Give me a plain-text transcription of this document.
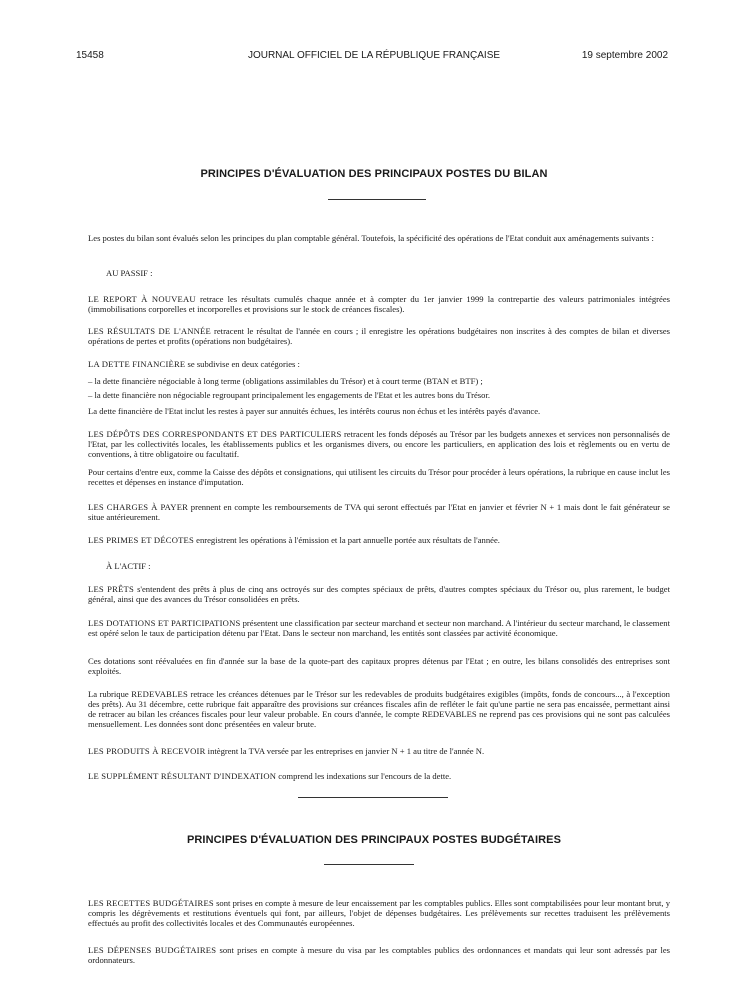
15458	JOURNAL OFFICIEL DE LA RÉPUBLIQUE FRANÇAISE	19 septembre 2002
PRINCIPES D'ÉVALUATION DES PRINCIPAUX POSTES DU BILAN

Les postes du bilan sont évalués selon les principes du plan comptable général. Toutefois, la spécificité des opérations de l'Etat conduit aux aménagements suivants :

AU PASSIF :

LE REPORT À NOUVEAU retrace les résultats cumulés chaque année et à compter du 1er janvier 1999 la contrepartie des valeurs patrimoniales intégrées (immobilisations corporelles et incorporelles et provisions sur le stock de créances fiscales).

LES RÉSULTATS DE L'ANNÉE retracent le résultat de l'année en cours ; il enregistre les opérations budgétaires non inscrites à des comptes de bilan et diverses opérations de pertes et profits (opérations non budgétaires).

LA DETTE FINANCIÈRE se subdivise en deux catégories :

– la dette financière négociable à long terme (obligations assimilables du Trésor) et à court terme (BTAN et BTF) ;

– la dette financière non négociable regroupant principalement les engagements de l'Etat et les autres bons du Trésor.

La dette financière de l'Etat inclut les restes à payer sur annuités échues, les intérêts courus non échus et les intérêts payés d'avance.

LES DÉPÔTS DES CORRESPONDANTS ET DES PARTICULIERS retracent les fonds déposés au Trésor par les budgets annexes et services non personnalisés de l'Etat, par les collectivités locales, les établissements publics et les organismes divers, ou encore les particuliers, en application des lois et règlements ou en vertu de conventions, à titre obligatoire ou facultatif.

Pour certains d'entre eux, comme la Caisse des dépôts et consignations, qui utilisent les circuits du Trésor pour procéder à leurs opérations, la rubrique en cause inclut les recettes et dépenses en instance d'imputation.

LES CHARGES À PAYER prennent en compte les remboursements de TVA qui seront effectués par l'Etat en janvier et février N + 1 mais dont le fait générateur se situe antérieurement.

LES PRIMES ET DÉCOTES enregistrent les opérations à l'émission et la part annuelle portée aux résultats de l'année.

À L'ACTIF :

LES PRÊTS s'entendent des prêts à plus de cinq ans octroyés sur des comptes spéciaux de prêts, d'autres comptes spéciaux du Trésor ou, plus rarement, le budget général, ainsi que des avances du Trésor consolidées en prêts.

LES DOTATIONS ET PARTICIPATIONS présentent une classification par secteur marchand et secteur non marchand. A l'intérieur du secteur marchand, le classement est opéré selon le taux de participation détenu par l'Etat. Dans le secteur non marchand, les entités sont classées par activité économique.

Ces dotations sont réévaluées en fin d'année sur la base de la quote-part des capitaux propres détenus par l'Etat ; en outre, les bilans consolidés des entreprises sont exploités.

La rubrique REDEVABLES retrace les créances détenues par le Trésor sur les redevables de produits budgétaires exigibles (impôts, fonds de concours..., à l'exception des prêts). Au 31 décembre, cette rubrique fait apparaître des provisions sur créances fiscales afin de refléter le fait qu'une partie ne sera pas encaissée, permettant ainsi de retracer au bilan les créances fiscales pour leur valeur probable. En cours d'année, le compte REDEVABLES ne reprend pas ces provisions qui ne sont pas calculées mensuellement. Les données sont donc présentées en valeur brute.

LES PRODUITS À RECEVOIR intègrent la TVA versée par les entreprises en janvier N + 1 au titre de l'année N.

LE SUPPLÉMENT RÉSULTANT D'INDEXATION comprend les indexations sur l'encours de la dette.

PRINCIPES D'ÉVALUATION DES PRINCIPAUX POSTES BUDGÉTAIRES

LES RECETTES BUDGÉTAIRES sont prises en compte à mesure de leur encaissement par les comptables publics. Elles sont comptabilisées pour leur montant brut, y compris les dégrèvements et restitutions éventuels qui font, par ailleurs, l'objet de dépenses budgétaires. Les prélèvements sur recettes traduisent les prélèvements effectués au profit des collectivités locales et des Communautés européennes.

LES DÉPENSES BUDGÉTAIRES sont prises en compte à mesure du visa par les comptables publics des ordonnances et mandats qui leur sont adressés par les ordonnateurs.
